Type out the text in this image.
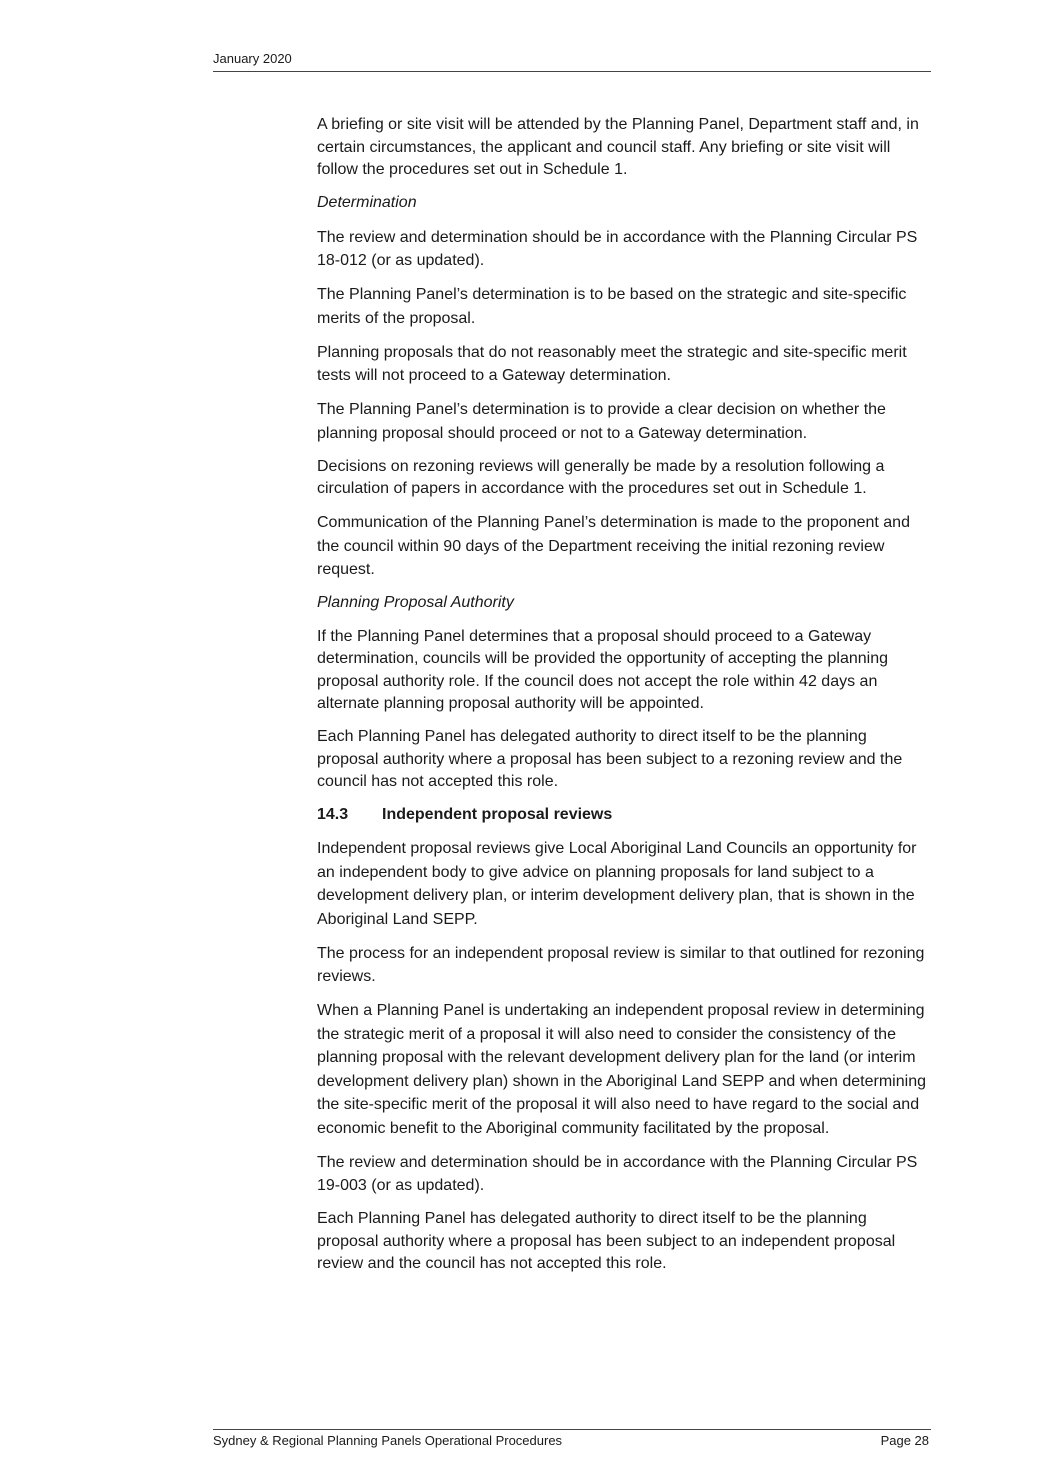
January 2020

A briefing or site visit will be attended by the Planning Panel, Department staff and, in certain circumstances, the applicant and council staff. Any briefing or site visit will follow the procedures set out in Schedule 1.

Determination

The review and determination should be in accordance with the Planning Circular PS 18-012 (or as updated).

The Planning Panel’s determination is to be based on the strategic and site-specific merits of the proposal.

Planning proposals that do not reasonably meet the strategic and site-specific merit tests will not proceed to a Gateway determination.

The Planning Panel’s determination is to provide a clear decision on whether the planning proposal should proceed or not to a Gateway determination.

Decisions on rezoning reviews will generally be made by a resolution following a circulation of papers in accordance with the procedures set out in Schedule 1.

Communication of the Planning Panel’s determination is made to the proponent and the council within 90 days of the Department receiving the initial rezoning review request.

Planning Proposal Authority

If the Planning Panel determines that a proposal should proceed to a Gateway determination, councils will be provided the opportunity of accepting the planning proposal authority role. If the council does not accept the role within 42 days an alternate planning proposal authority will be appointed.

Each Planning Panel has delegated authority to direct itself to be the planning proposal authority where a proposal has been subject to a rezoning review and the council has not accepted this role.

14.3 Independent proposal reviews

Independent proposal reviews give Local Aboriginal Land Councils an opportunity for an independent body to give advice on planning proposals for land subject to a development delivery plan, or interim development delivery plan, that is shown in the Aboriginal Land SEPP.

The process for an independent proposal review is similar to that outlined for rezoning reviews.

When a Planning Panel is undertaking an independent proposal review in determining the strategic merit of a proposal it will also need to consider the consistency of the planning proposal with the relevant development delivery plan for the land (or interim development delivery plan) shown in the Aboriginal Land SEPP and when determining the site-specific merit of the proposal it will also need to have regard to the social and economic benefit to the Aboriginal community facilitated by the proposal.

The review and determination should be in accordance with the Planning Circular PS 19-003 (or as updated).

Each Planning Panel has delegated authority to direct itself to be the planning proposal authority where a proposal has been subject to an independent proposal review and the council has not accepted this role.

Sydney & Regional Planning Panels Operational Procedures	Page 28
